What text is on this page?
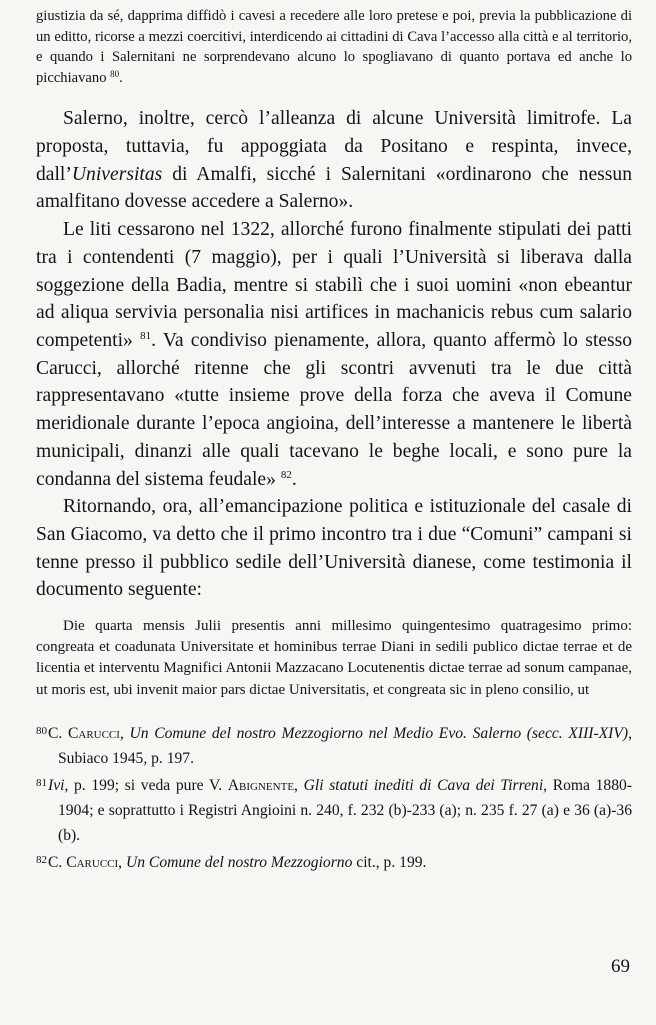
giustizia da sé, dapprima diffidò i cavesi a recedere alle loro pretese e poi, previa la pubblicazione di un editto, ricorse a mezzi coercitivi, interdicendo ai cittadini di Cava l’accesso alla città e al territorio, e quando i Salernitani ne sorprendevano alcuno lo spogliavano di quanto portava ed anche lo picchiavano $^{80}$.

Salerno, inoltre, cercò l’alleanza di alcune Università limitrofe. La proposta, tuttavia, fu appoggiata da Positano e respinta, invece, dall’Universitas di Amalfi, sicché i Salernitani «ordinarono che nessun amalfitano dovesse accedere a Salerno».

Le liti cessarono nel 1322, allorché furono finalmente stipulati dei patti tra i contendenti (7 maggio), per i quali l’Università si liberava dalla soggezione della Badia, mentre si stabilì che i suoi uomini «non ebeantur ad aliqua servivia personalia nisi artifices in machanicis rebus cum salario competenti» $^{81}$. Va condiviso pienamente, allora, quanto affermò lo stesso Carucci, allorché ritenne che gli scontri avvenuti tra le due città rappresentavano «tutte insieme prove della forza che aveva il Comune meridionale durante l’epoca angioina, dell’interesse a mantenere le libertà municipali, dinanzi alle quali tacevano le beghe locali, e sono pure la condanna del sistema feudale» $^{82}$.

Ritornando, ora, all’emancipazione politica e istituzionale del casale di San Giacomo, va detto che il primo incontro tra i due “Comuni” campani si tenne presso il pubblico sedile dell’Università dianese, come testimonia il documento seguente:

Die quarta mensis Julii presentis anni millesimo quingentesimo quatragesimo primo: congreata et coadunata Universitate et hominibus terrae Diani in sedili publico dictae terrae et de licentia et interventu Magnifici Antonii Mazzacano Locutenentis dictae terrae ad sonum campanae, ut moris est, ubi invenit maior pars dictae Universitatis, et congreata sic in pleno consilio, ut

$^{80}$C. Carucci, Un Comune del nostro Mezzogiorno nel Medio Evo. Salerno (secc. XIII-XIV), Subiaco 1945, p. 197.

$^{81}$Ivi, p. 199; si veda pure V. Abignente, Gli statuti inediti di Cava dei Tirreni, Roma 1880-1904; e soprattutto i Registri Angioini n. 240, f. 232 (b)-233 (a); n. 235 f. 27 (a) e 36 (a)-36 (b).

$^{82}$C. Carucci, Un Comune del nostro Mezzogiorno cit., p. 199.

69
